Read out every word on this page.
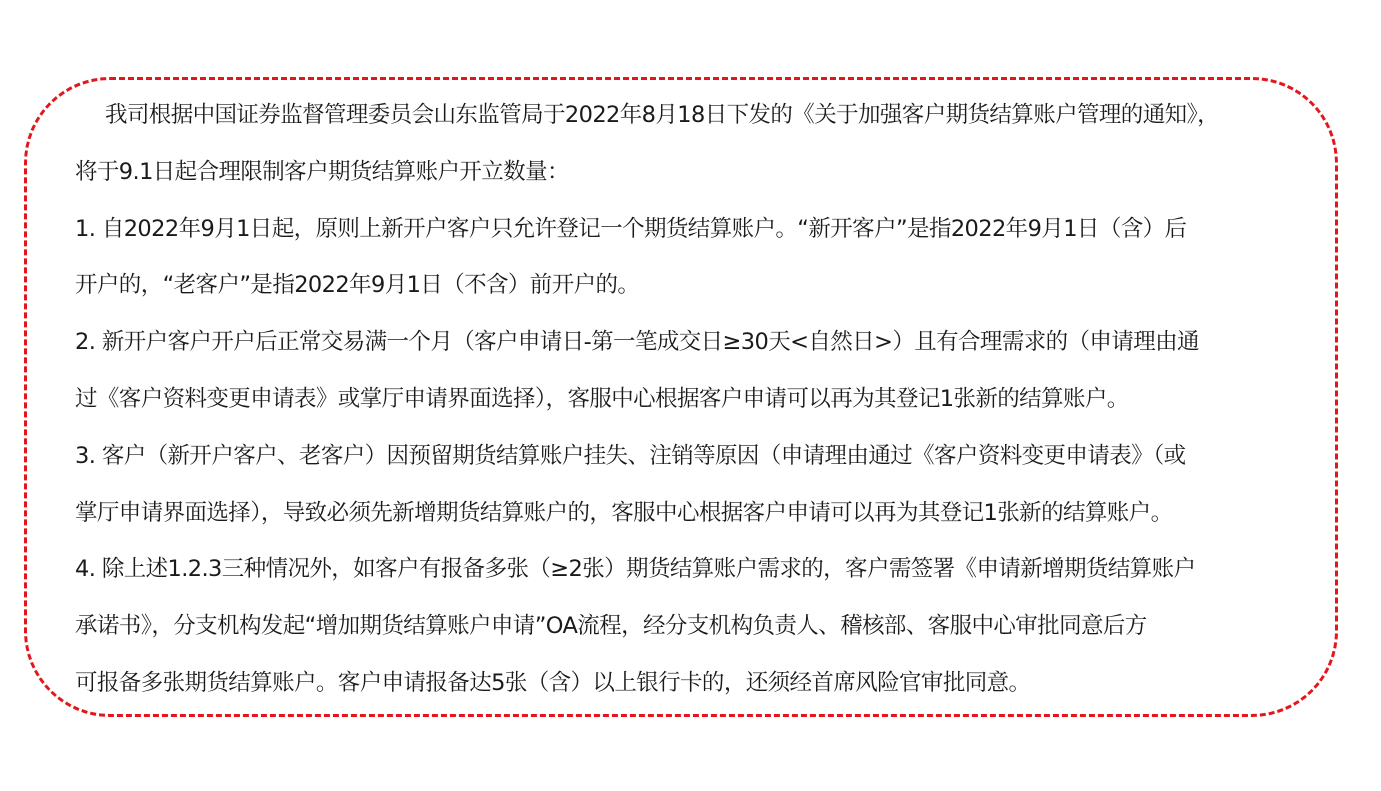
我司根据中国证券监督管理委员会山东监管局于2022年8月18日下发的《关于加强客户期货结算账户管理的通知》，
将于9.1日起合理限制客户期货结算账户开立数量：
1. 自2022年9月1日起，原则上新开户客户只允许登记一个期货结算账户。“新开客户”是指2022年9月1日（含）后
开户的，“老客户”是指2022年9月1日（不含）前开户的。
2. 新开户客户开户后正常交易满一个月（客户申请日-第一笔成交日≥30天<自然日>）且有合理需求的（申请理由通
过《客户资料变更申请表》或掌厅申请界面选择），客服中心根据客户申请可以再为其登记1张新的结算账户。
3. 客户（新开户客户、老客户）因预留期货结算账户挂失、注销等原因（申请理由通过《客户资料变更申请表》（或
掌厅申请界面选择），导致必须先新增期货结算账户的，客服中心根据客户申请可以再为其登记1张新的结算账户。
4. 除上述1.2.3三种情况外，如客户有报备多张（≥2张）期货结算账户需求的，客户需签署《申请新增期货结算账户
承诺书》，分支机构发起“增加期货结算账户申请”OA流程，经分支机构负责人、稽核部、客服中心审批同意后方
可报备多张期货结算账户。客户申请报备达5张（含）以上银行卡的，还须经首席风险官审批同意。
